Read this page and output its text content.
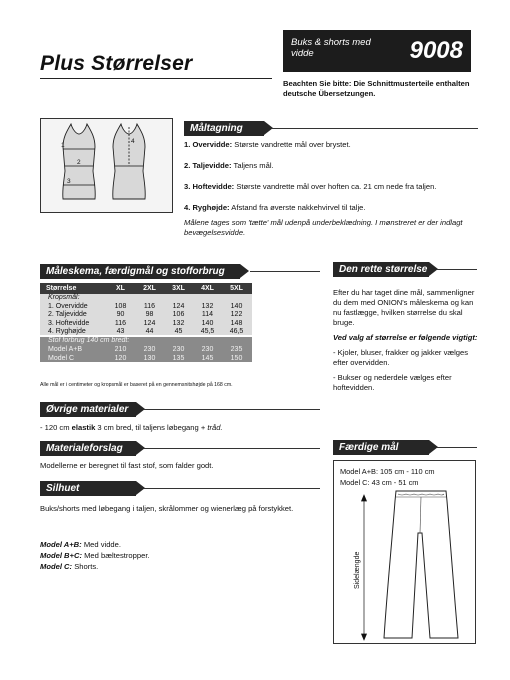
Plus Størrelser
Buks & shorts med vidde	9008
Beachten Sie bitte: Die Schnittmusterteile enthalten deutsche Übersetzungen.
Måltagning
1
2
3
4	1. Overvidde: Største vandrette mål over brystet.
2. Taljevidde: Taljens mål.
3. Hoftevidde: Største vandrette mål over hoften ca. 21 cm nede fra taljen.
4. Ryghøjde: Afstand fra øverste nakkehvirvel til talje.
Målene tages som 'tætte' mål udenpå underbeklædning. I mønstreret er der indlagt bevægelsesvidde.
Måleskema, færdigmål og stofforbrug
Størrelse	XL	2XL	3XL	4XL	5XL
Kropsmål:
1. Overvidde	108	116	124	132	140
2. Taljevidde	90	98	106	114	122
3. Hoftevidde	116	124	132	140	148
4. Ryghøjde	43	44	45	45,5	46,5
Stof forbrug 140 cm bredt:
Model A+B	210	230	230	230	235
Model C	120	130	135	145	150
Alle mål er i centimeter og kropsmål er baseret på en gennemsnitshøjde på 168 cm.
Den rette størrelse

Efter du har taget dine mål, sammenligner du dem med ONION's måleskema og kan nu fastlægge, hvilken størrelse du skal bruge.

Ved valg af størrelse er følgende vigtigt:

- Kjoler, bluser, frakker og jakker vælges efter overvidden.

- Bukser og nederdele vælges efter hoftevidden.

Øvrige materialer
- 120 cm elastik 3 cm bred, til taljens løbegang + tråd.
Materialeforslag
Modellerne er beregnet til fast stof, som falder godt.
Silhuet
Buks/shorts med løbegang i taljen, skrålommer og wienerlæg på forstykket.
Model A+B: Med vidde.
Model B+C: Med bæltestropper.
Model C: Shorts.
Færdige mål
Model A+B: 105 cm - 110 cm
Model C: 43 cm - 51 cm
Sidelængde
